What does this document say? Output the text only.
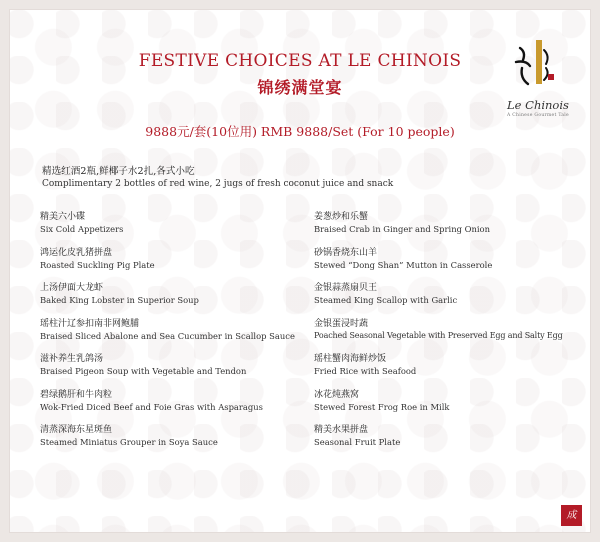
FESTIVE CHOICES AT LE CHINOIS
锦绣满堂宴
9888元/套(10位用) RMB 9888/Set (For 10 people)
Le Chinois
A Chinese Gourmet Tale
精选红酒2瓶,鲜椰子水2扎,各式小吃
Complimentary 2 bottles of red wine, 2 jugs of fresh coconut juice and snack
精美六小碟
Six Cold Appetizers
鸿运化皮乳猪拼盘
Roasted Suckling Pig Plate
上汤伊面大龙虾
Baked King Lobster in Superior Soup
瑶柱汁辽参扣南非网鲍脯
Braised Sliced Abalone and Sea Cucumber in Scallop Sauce
滋补养生乳鸽汤
Braised Pigeon Soup with Vegetable and Tendon
碧绿鹅肝和牛肉粒
Wok-Fried Diced Beef and Foie Gras with Asparagus
清蒸深海东星斑鱼
Steamed Miniatus Grouper in Soya Sauce
姜葱炒和乐蟹
Braised Crab in Ginger and Spring Onion
砂锅香烧东山羊
Stewed “Dong Shan” Mutton in Casserole
金银蒜蒸扇贝王
Steamed King Scallop with Garlic
金银蛋浸时蔬
Poached Seasonal Vegetable with Preserved Egg and Salty Egg
瑶柱蟹肉海鲜炒饭
Fried Rice with Seafood
冰花炖燕窝
Stewed Forest Frog Roe in Milk
精美水果拼盘
Seasonal Fruit Plate
成
